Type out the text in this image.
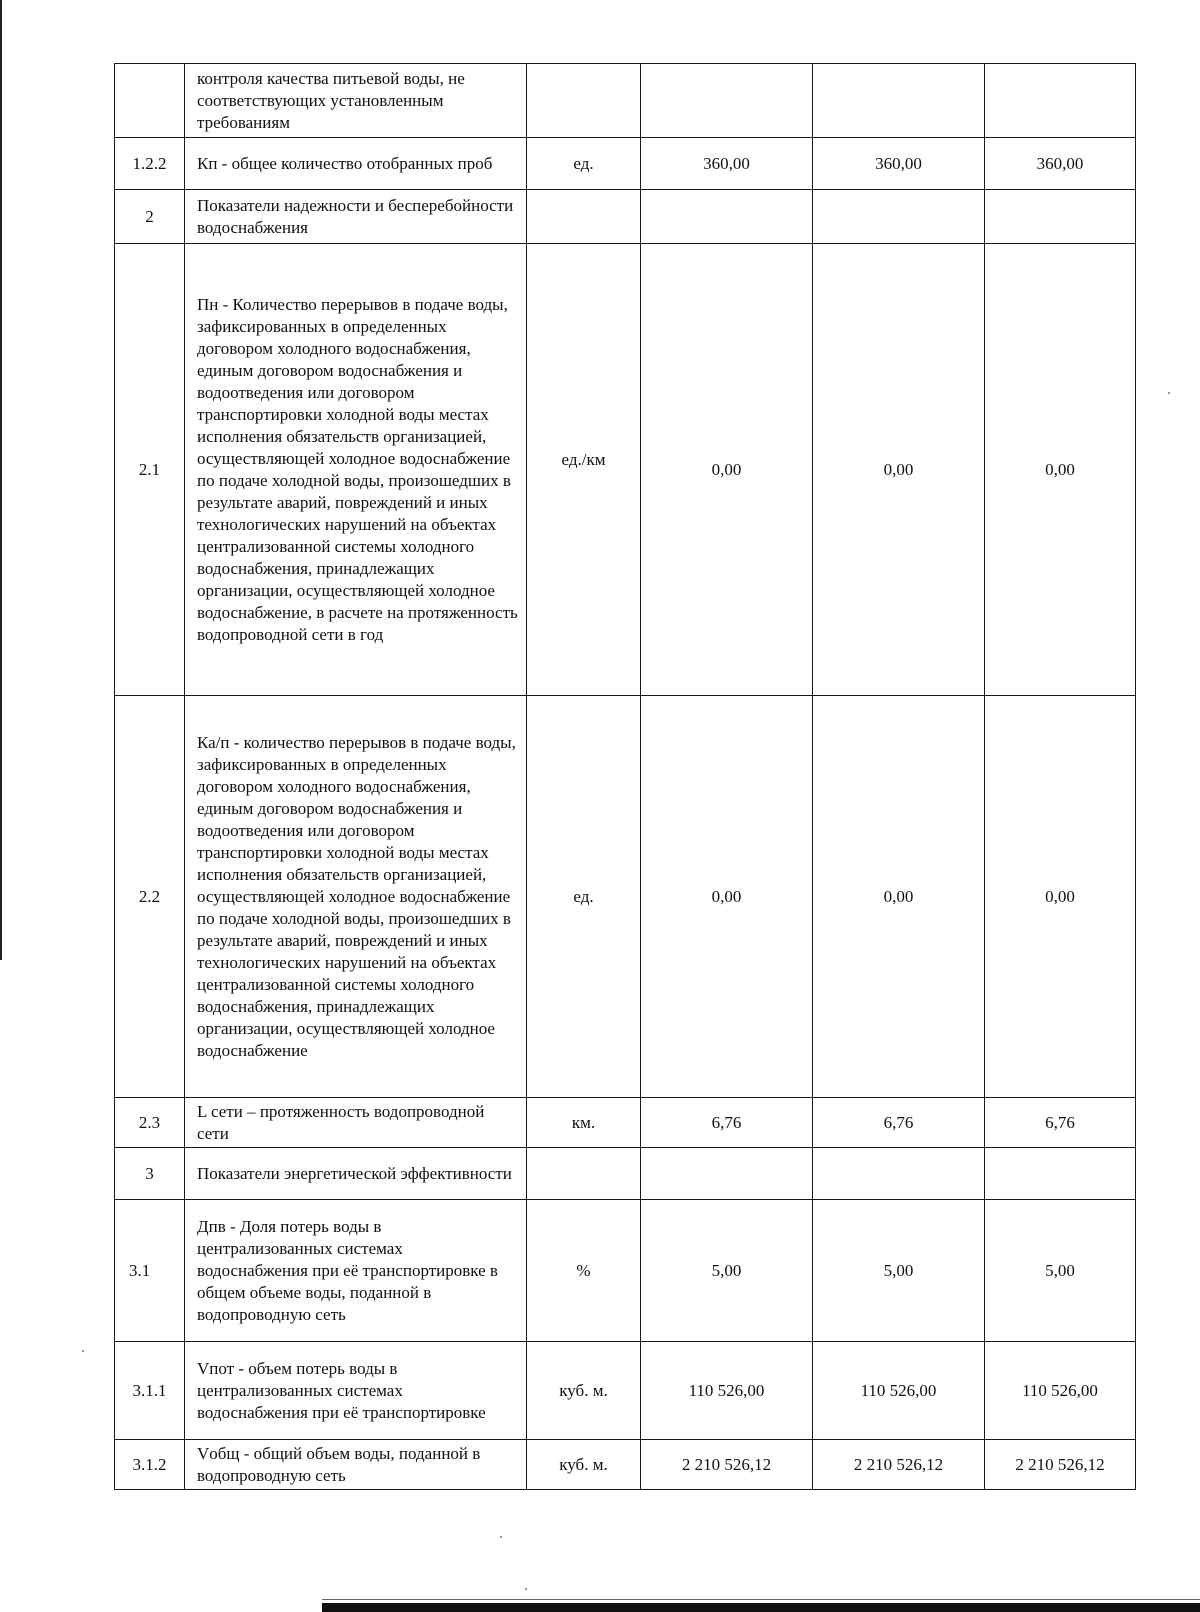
	контроля качества питьевой воды, не соответствующих установленным требованиям				
1.2.2	Кп - общее количество отобранных проб	ед.	360,00	360,00	360,00
2	Показатели надежности и бесперебойности водоснабжения				
2.1	Пн - Количество перерывов в подаче воды, зафиксированных в определенных договором холодного водоснабжения, единым договором водоснабжения и водоотведения или договором транспортировки холодной воды местах исполнения обязательств организацией, осуществляющей холодное водоснабжение по подаче холодной воды, произошедших в результате аварий, повреждений и иных технологических нарушений на объектах централизованной системы холодного водоснабжения, принадлежащих организации, осуществляющей холодное водоснабжение, в расчете на протяженность водопроводной сети в год	ед./км	0,00	0,00	0,00
2.2	Ка/п - количество перерывов в подаче воды, зафиксированных в определенных договором холодного водоснабжения, единым договором водоснабжения и водоотведения или договором транспортировки холодной воды местах исполнения обязательств организацией, осуществляющей холодное водоснабжение по подаче холодной воды, произошедших в результате аварий, повреждений и иных технологических нарушений на объектах централизованной системы холодного водоснабжения, принадлежащих организации, осуществляющей холодное водоснабжение	ед.	0,00	0,00	0,00
2.3	L сети – протяженность водопроводной сети	км.	6,76	6,76	6,76
3	Показатели энергетической эффективности				
3.1	Дпв - Доля потерь воды в централизованных системах водоснабжения при её транспортировке в общем объеме воды, поданной в водопроводную сеть	%	5,00	5,00	5,00
3.1.1	Vпот - объем потерь воды в централизованных системах водоснабжения при её транспортировке	куб. м.	110 526,00	110 526,00	110 526,00
3.1.2	Vобщ - общий объем воды, поданной в водопроводную сеть	куб. м.	2 210 526,12	2 210 526,12	2 210 526,12
